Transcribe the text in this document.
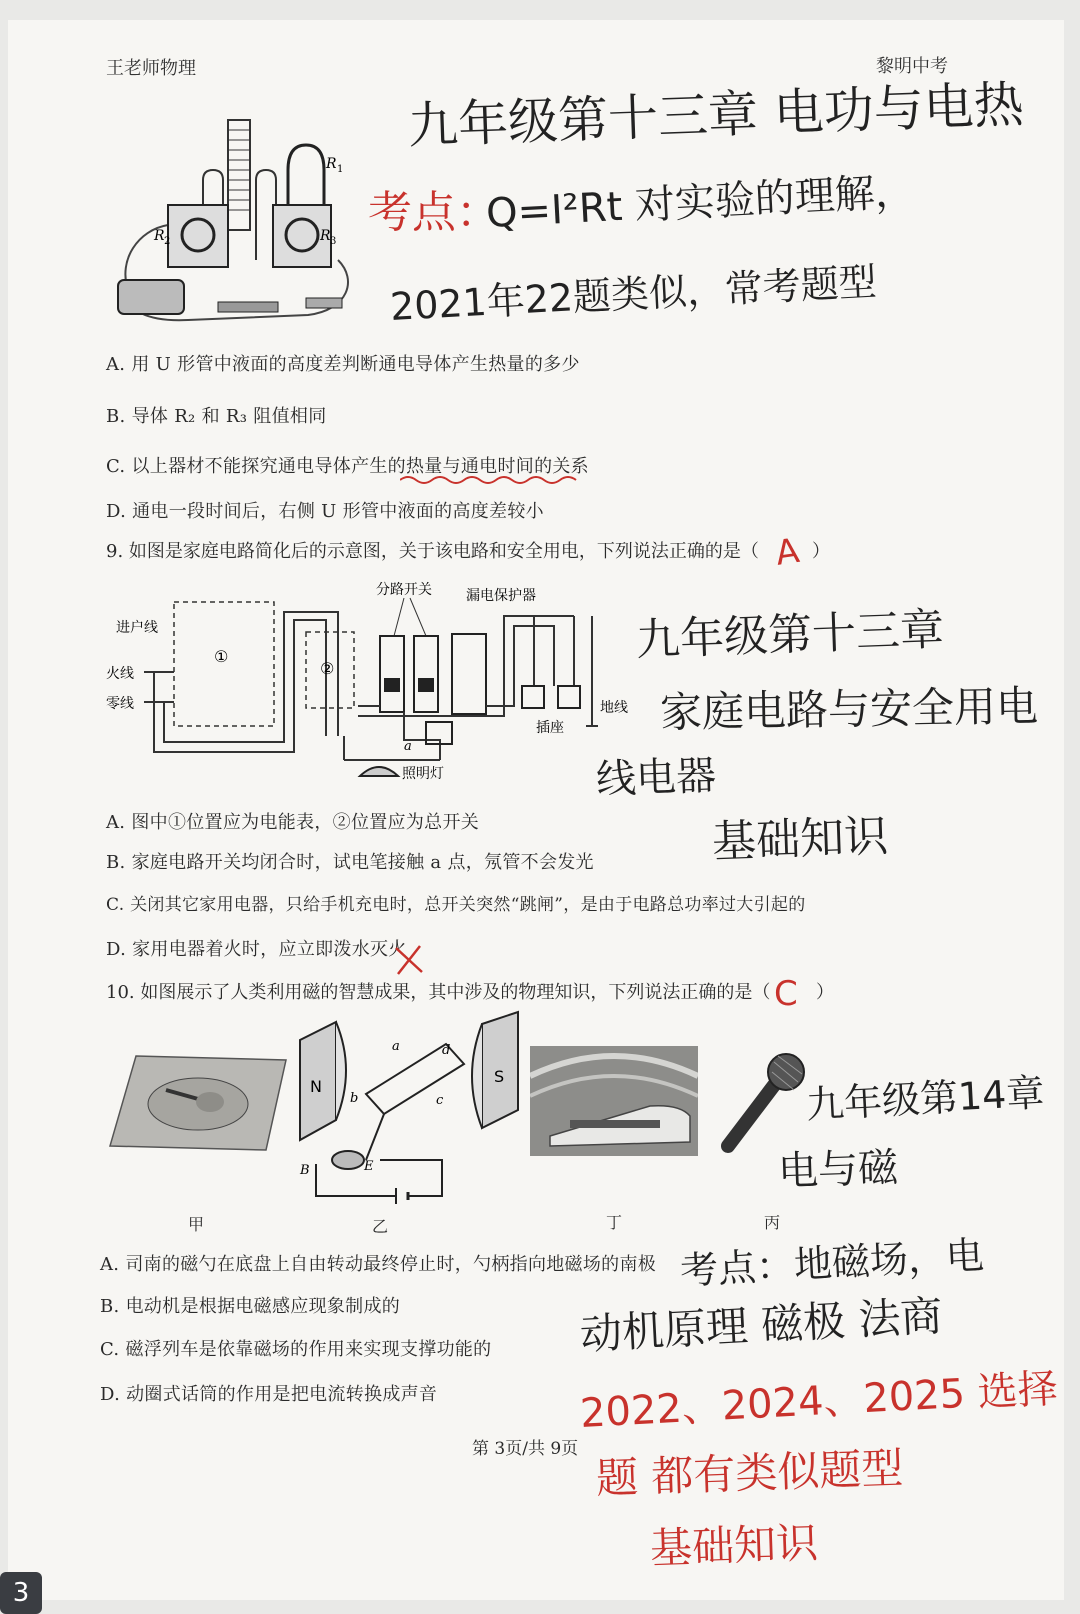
王老师物理	黎明中考
R 1
R 2	R 3
A. 用 U 形管中液面的高度差判断通电导体产生热量的多少
B. 导体 R₂ 和 R₃ 阻值相同
C. 以上器材不能探究通电导体产生的热量与通电时间的关系
D. 通电一段时间后，右侧 U 形管中液面的高度差较小
9. 如图是家庭电路简化后的示意图，关于该电路和安全用电，下列说法正确的是（ A ）
进户线
火线
零线
①
②
分路开关 漏电保护器
插座
地线
a
照明灯
A. 图中①位置应为电能表，②位置应为总开关
B. 家庭电路开关均闭合时，试电笔接触 a 点，氖管不会发光
C. 关闭其它家用电器，只给手机充电时，总开关突然“跳闸”，是由于电路总功率过大引起的
D. 家用电器着火时，应立即泼水灭火
10. 如图展示了人类利用磁的智慧成果，其中涉及的物理知识，下列说法正确的是（ C ）
N
S
a
b	c
d
B	E
甲	乙	丁	丙
A. 司南的磁勺在底盘上自由转动最终停止时，勺柄指向地磁场的南极
B. 电动机是根据电磁感应现象制成的
C. 磁浮列车是依靠磁场的作用来实现支撑功能的
D. 动圈式话筒的作用是把电流转换成声音
第 3页/共 9页
九年级第十三章 电功与电热
考点：
Q=I²Rt 对实验的理解，
2021年22题类似，常考题型
九年级第十三章
家庭电路与安全用电
线电器
基础知识
九年级第14章
电与磁
考点：地磁场，电
动机原理 磁极 法商
2022、2024、2025 选择
题 都有类似题型
基础知识
3
